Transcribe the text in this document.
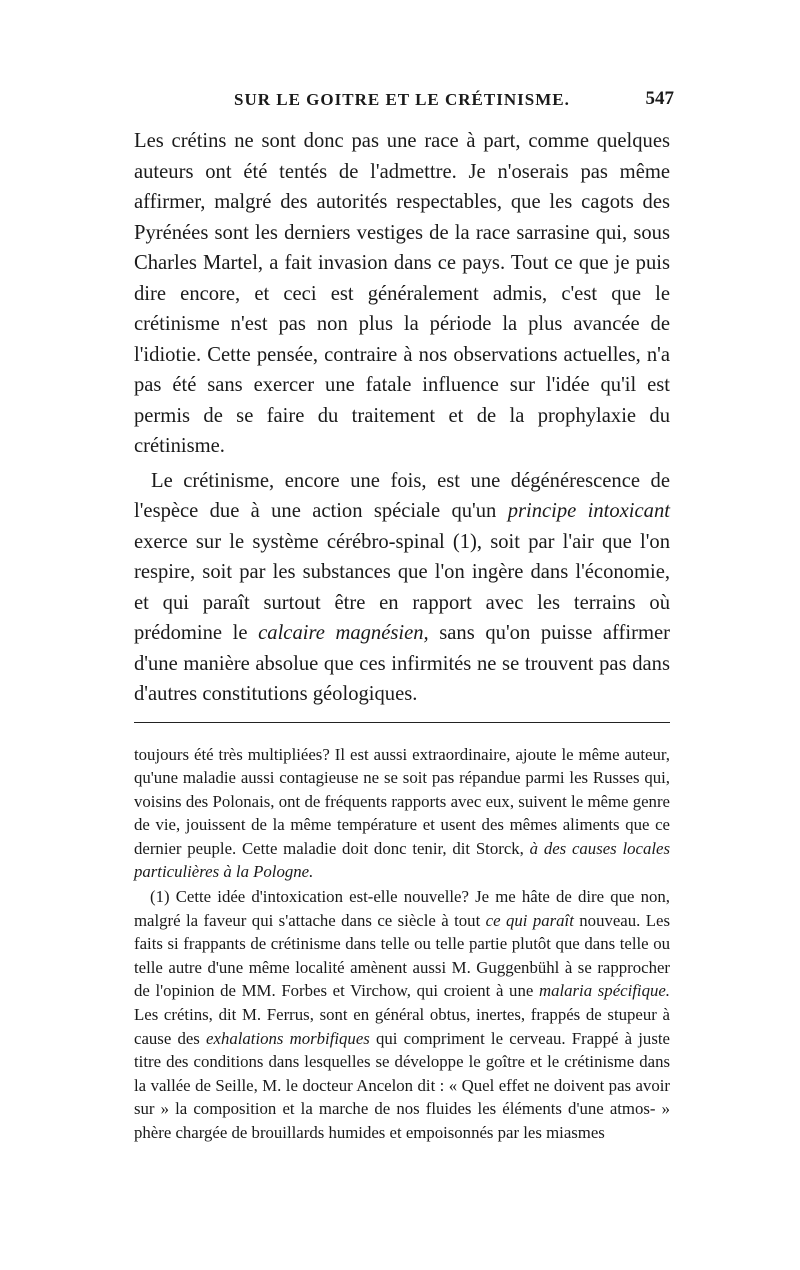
SUR LE GOITRE ET LE CRÉTINISME.	547

Les crétins ne sont donc pas une race à part, comme quelques auteurs ont été tentés de l'admettre. Je n'oserais pas même affirmer, malgré des autorités respectables, que les cagots des Pyrénées sont les derniers vestiges de la race sarrasine qui, sous Charles Martel, a fait invasion dans ce pays. Tout ce que je puis dire encore, et ceci est généralement admis, c'est que le crétinisme n'est pas non plus la période la plus avancée de l'idiotie. Cette pensée, contraire à nos observations actuelles, n'a pas été sans exercer une fatale influence sur l'idée qu'il est permis de se faire du traitement et de la prophylaxie du crétinisme.

Le crétinisme, encore une fois, est une dégénérescence de l'espèce due à une action spéciale qu'un principe intoxicant exerce sur le système cérébro-spinal (1), soit par l'air que l'on respire, soit par les substances que l'on ingère dans l'économie, et qui paraît surtout être en rapport avec les terrains où prédomine le calcaire magnésien, sans qu'on puisse affirmer d'une manière absolue que ces infirmités ne se trouvent pas dans d'autres constitutions géologiques.

toujours été très multipliées? Il est aussi extraordinaire, ajoute le même auteur, qu'une maladie aussi contagieuse ne se soit pas répandue parmi les Russes qui, voisins des Polonais, ont de fréquents rapports avec eux, suivent le même genre de vie, jouissent de la même température et usent des mêmes aliments que ce dernier peuple. Cette maladie doit donc tenir, dit Storck, à des causes locales particulières à la Pologne.

(1) Cette idée d'intoxication est-elle nouvelle? Je me hâte de dire que non, malgré la faveur qui s'attache dans ce siècle à tout ce qui paraît nouveau. Les faits si frappants de crétinisme dans telle ou telle partie plutôt que dans telle ou telle autre d'une même localité amènent aussi M. Guggenbühl à se rapprocher de l'opinion de MM. Forbes et Virchow, qui croient à une malaria spécifique. Les crétins, dit M. Ferrus, sont en général obtus, inertes, frappés de stupeur à cause des exhalations morbifiques qui compriment le cerveau. Frappé à juste titre des conditions dans lesquelles se développe le goître et le crétinisme dans la vallée de Seille, M. le docteur Ancelon dit : « Quel effet ne doivent pas avoir sur » la composition et la marche de nos fluides les éléments d'une atmos- » phère chargée de brouillards humides et empoisonnés par les miasmes
